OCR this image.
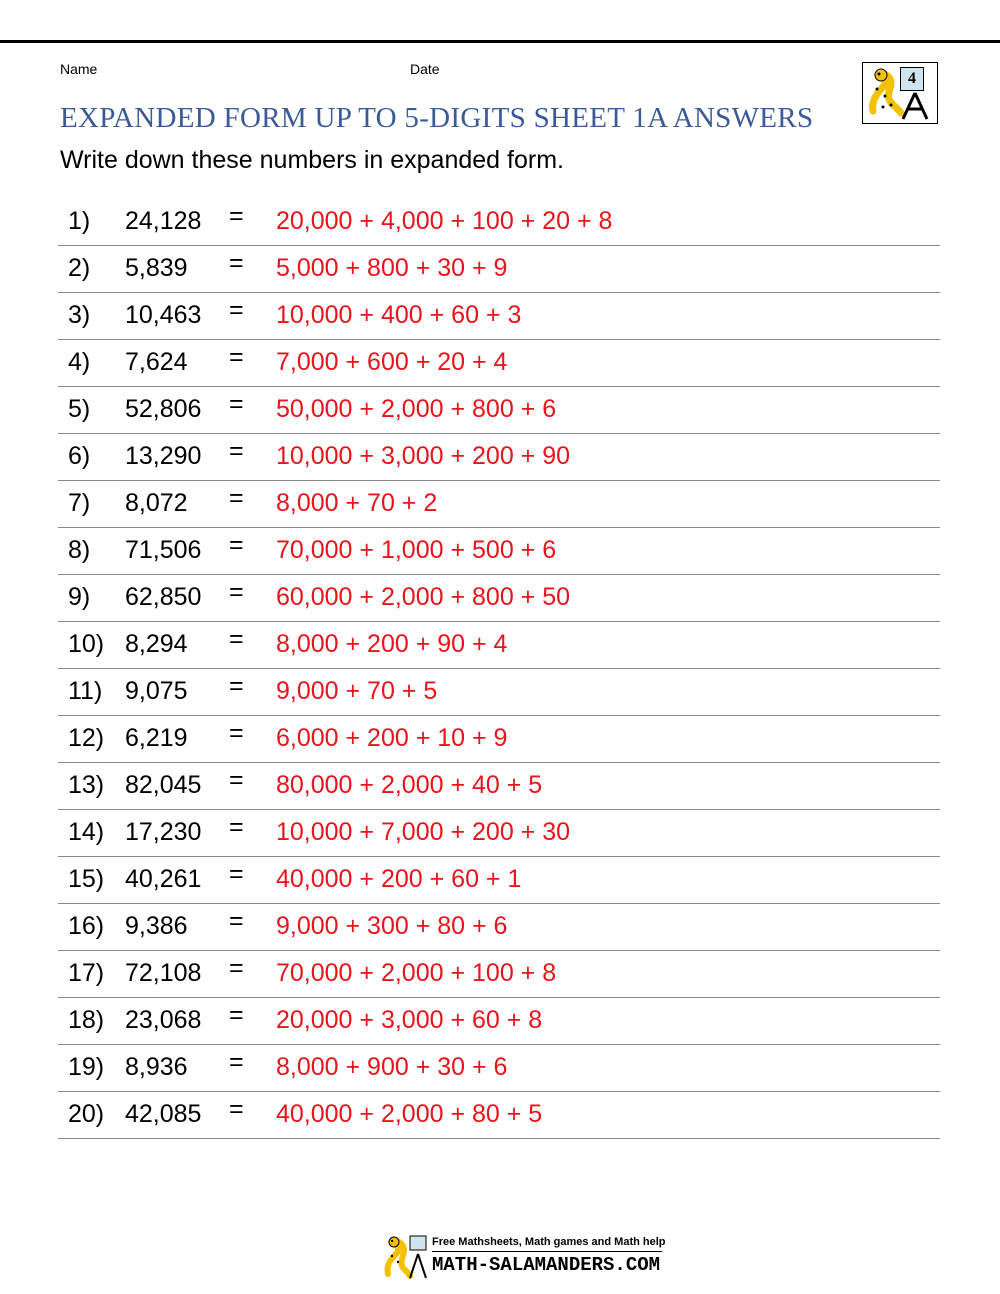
Name	Date
4
EXPANDED FORM UP TO 5-DIGITS SHEET 1A ANSWERS
Write down these numbers in expanded form.
1) 24,128 = 20,000 + 4,000 + 100 + 20 + 8
2) 5,839 = 5,000 + 800 + 30 + 9
3) 10,463 = 10,000 + 400 + 60 + 3
4) 7,624 = 7,000 + 600 + 20 + 4
5) 52,806 = 50,000 + 2,000 + 800 + 6
6) 13,290 = 10,000 + 3,000 + 200 + 90
7) 8,072 = 8,000 + 70 + 2
8) 71,506 = 70,000 + 1,000 + 500 + 6
9) 62,850 = 60,000 + 2,000 + 800 + 50
10) 8,294 = 8,000 + 200 + 90 + 4
11) 9,075 = 9,000 + 70 + 5
12) 6,219 = 6,000 + 200 + 10 + 9
13) 82,045 = 80,000 + 2,000 + 40 + 5
14) 17,230 = 10,000 + 7,000 + 200 + 30
15) 40,261 = 40,000 + 200 + 60 + 1
16) 9,386 = 9,000 + 300 + 80 + 6
17) 72,108 = 70,000 + 2,000 + 100 + 8
18) 23,068 = 20,000 + 3,000 + 60 + 8
19) 8,936 = 8,000 + 900 + 30 + 6
20) 42,085 = 40,000 + 2,000 + 80 + 5
Free Mathsheets, Math games and Math help
MATH-SALAMANDERS.COM
